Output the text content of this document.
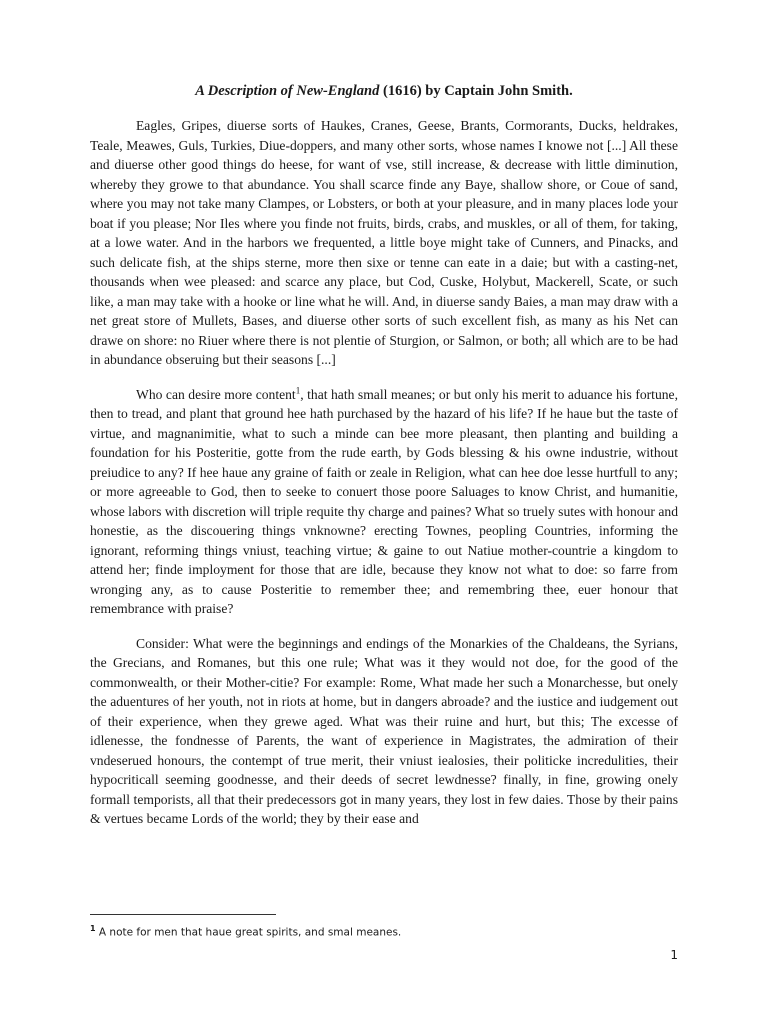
A Description of New-England (1616) by Captain John Smith.

Eagles, Gripes, diuerse sorts of Haukes, Cranes, Geese, Brants, Cormorants, Ducks, heldrakes, Teale, Meawes, Guls, Turkies, Diue-doppers, and many other sorts, whose names I knowe not [...] All these and diuerse other good things do heese, for want of vse, still increase, & decrease with little diminution, whereby they growe to that abundance. You shall scarce finde any Baye, shallow shore, or Coue of sand, where you may not take many Clampes, or Lobsters, or both at your pleasure, and in many places lode your boat if you please; Nor Iles where you finde not fruits, birds, crabs, and muskles, or all of them, for taking, at a lowe water. And in the harbors we frequented, a little boye might take of Cunners, and Pinacks, and such delicate fish, at the ships sterne, more then sixe or tenne can eate in a daie; but with a casting-net, thousands when wee pleased: and scarce any place, but Cod, Cuske, Holybut, Mackerell, Scate, or such like, a man may take with a hooke or line what he will. And, in diuerse sandy Baies, a man may draw with a net great store of Mullets, Bases, and diuerse other sorts of such excellent fish, as many as his Net can drawe on shore: no Riuer where there is not plentie of Sturgion, or Salmon, or both; all which are to be had in abundance obseruing but their seasons [...]

Who can desire more content$^1$, that hath small meanes; or but only his merit to aduance his fortune, then to tread, and plant that ground hee hath purchased by the hazard of his life? If he haue but the taste of virtue, and magnanimitie, what to such a minde can bee more pleasant, then planting and building a foundation for his Posteritie, gotte from the rude earth, by Gods blessing & his owne industrie, without preiudice to any? If hee haue any graine of faith or zeale in Religion, what can hee doe lesse hurtfull to any; or more agreeable to God, then to seeke to conuert those poore Saluages to know Christ, and humanitie, whose labors with discretion will triple requite thy charge and paines? What so truely sutes with honour and honestie, as the discouering things vnknowne? erecting Townes, peopling Countries, informing the ignorant, reforming things vniust, teaching virtue; & gaine to out Natiue mother-countrie a kingdom to attend her; finde imployment for those that are idle, because they know not what to doe: so farre from wronging any, as to cause Posteritie to remember thee; and remembring thee, euer honour that remembrance with praise?

Consider: What were the beginnings and endings of the Monarkies of the Chaldeans, the Syrians, the Grecians, and Romanes, but this one rule; What was it they would not doe, for the good of the commonwealth, or their Mother-citie? For example: Rome, What made her such a Monarchesse, but onely the aduentures of her youth, not in riots at home, but in dangers abroade? and the iustice and iudgement out of their experience, when they grewe aged. What was their ruine and hurt, but this; The excesse of idlenesse, the fondnesse of Parents, the want of experience in Magistrates, the admiration of their vndeserued honours, the contempt of true merit, their vniust iealosies, their politicke incredulities, their hypocriticall seeming goodnesse, and their deeds of secret lewdnesse? finally, in fine, growing onely formall temporists, all that their predecessors got in many years, they lost in few daies. Those by their pains & vertues became Lords of the world; they by their ease and

$^1$ A note for men that haue great spirits, and smal meanes.
1
